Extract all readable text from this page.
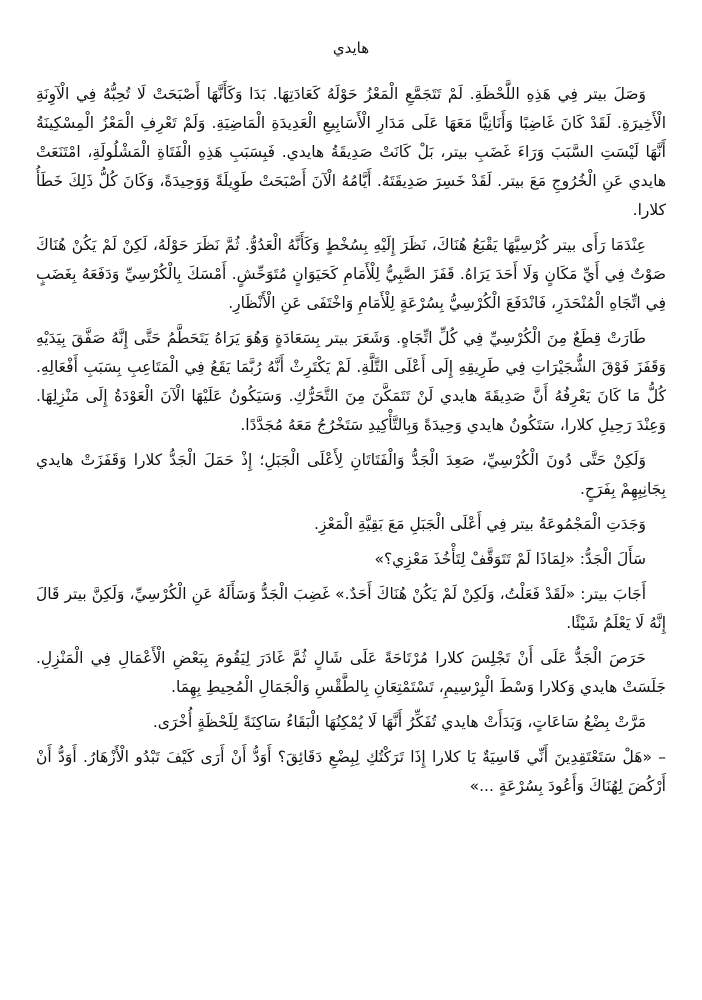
هايدي

وَصَلَ بيتر فِي هَذِهِ اللَّحْظَةِ. لَمْ تَتَجَمَّعِ الْمَعْزُ حَوْلَهُ كَعَادَتِهَا. بَدَا وَكَأَنَّهَا أَصْبَحَتْ لَا تُحِبُّهُ فِي الْآوِنَةِ الْأَخِيرَةِ. لَقَدْ كَانَ غَاضِبًا وَأَنَانِيًّا مَعَهَا عَلَى مَدَارِ الْأَسَابِيعِ الْعَدِيدَةِ الْمَاضِيَةِ. وَلَمْ تَعْرِفِ الْمَعْزُ الْمِسْكِينَةُ أَنَّهَا لَيْسَتِ السَّبَبَ وَرَاءَ غَضَبِ بيتر، بَلْ كَانَتْ صَدِيقَةُ هايدي. فَبِسَبَبِ هَذِهِ الْفَتَاةِ الْمَشْلُولَةِ، امْتَنَعَتْ هايدي عَنِ الْخُرُوجِ مَعَ بيتر. لَقَدْ خَسِرَ صَدِيقَتَهُ. أَيَّامُهُ الْآنَ أَصْبَحَتْ طَوِيلَةً وَوَحِيدَةً، وَكَانَ كُلُّ ذَلِكَ خَطَأُ كلارا.

عِنْدَمَا رَأَى بيتر كُرْسِيَّهَا يَقْبَعُ هُنَاكَ، نَظَرَ إِلَيْهِ بِسُخْطٍ وَكَأَنَّهُ الْعَدُوُّ. ثُمَّ نَظَرَ حَوْلَهُ، لَكِنْ لَمْ يَكُنْ هُنَاكَ صَوْتٌ فِي أَيِّ مَكَانٍ وَلَا أَحَدَ يَرَاهُ. قَفَزَ الصَّبِيُّ لِلْأَمَامِ كَحَيَوَانٍ مُتَوَحِّشٍ. أَمْسَكَ بِالْكُرْسِيِّ وَدَفَعَهُ بِغَضَبٍ فِي اتِّجَاهِ الْمُنْحَدَرِ، فَانْدَفَعَ الْكُرْسِيُّ بِسُرْعَةٍ لِلْأَمَامِ وَاخْتَفَى عَنِ الْأَنْظَارِ.

طَارَتْ قِطَعٌ مِنَ الْكُرْسِيِّ فِي كُلِّ اتِّجَاهٍ. وَشَعَرَ بيتر بِسَعَادَةٍ وَهُوَ يَرَاهُ يَتَحَطَّمُ حَتَّى إِنَّهُ صَفَّقَ بِيَدَيْهِ وَقَفَزَ فَوْقَ الشُّجَيْرَاتِ فِي طَرِيقِهِ إِلَى أَعْلَى التَّلَّةِ. لَمْ يَكْتَرِثْ أَنَّهُ رُبَّمَا يَقَعُ فِي الْمَتَاعِبِ بِسَبَبِ أَفْعَالِهِ. كُلُّ مَا كَانَ يَعْرِفُهُ أَنَّ صَدِيقَةَ هايدي لَنْ تَتَمَكَّنَ مِنَ التَّحَرُّكِ. وَسَيَكُونُ عَلَيْهَا الْآنَ الْعَوْدَةُ إِلَى مَنْزِلِهَا. وَعِنْدَ رَحِيلِ كلارا، سَتَكُونُ هايدي وَحِيدَةً وَبِالتَّأْكِيدِ سَتَخْرُجُ مَعَهُ مُجَدَّدًا.

وَلَكِنْ حَتَّى دُونَ الْكُرْسِيِّ، صَعِدَ الْجَدُّ وَالْفَتَاتَانِ لِأَعْلَى الْجَبَلِ؛ إِذْ حَمَلَ الْجَدُّ كلارا وَقَفَزَتْ هايدي بِجَانِبِهِمْ بِفَرَحٍ.

وَجَدَتِ الْمَجْمُوعَةُ بيتر فِي أَعْلَى الْجَبَلِ مَعَ بَقِيَّةِ الْمَعْزِ.

سَأَلَ الْجَدُّ: «لِمَاذَا لَمْ تَتَوَقَّفْ لِتَأْخُذَ مَعْزِي؟»

أَجَابَ بيتر: «لَقَدْ فَعَلْتُ، وَلَكِنْ لَمْ يَكُنْ هُنَاكَ أَحَدٌ.» غَضِبَ الْجَدُّ وَسَأَلَهُ عَنِ الْكُرْسِيِّ، وَلَكِنَّ بيتر قَالَ إِنَّهُ لَا يَعْلَمُ شَيْئًا.

حَرَصَ الْجَدُّ عَلَى أَنْ تَجْلِسَ كلارا مُرْتَاحَةً عَلَى شَالٍ ثُمَّ غَادَرَ لِيَقُومَ بِبَعْضِ الْأَعْمَالِ فِي الْمَنْزِلِ. جَلَسَتْ هايدي وَكلارا وَسْطَ الْبِرْسِيمِ، تَسْتَمْتِعَانِ بِالطَّقْسِ وَالْجَمَالِ الْمُحِيطِ بِهِمَا.

مَرَّتْ بِضْعُ سَاعَاتٍ، وَبَدَأَتْ هايدي تُفَكِّرُ أَنَّهَا لَا يُمْكِنُهَا الْبَقَاءُ سَاكِنَةً لِلَحْظَةٍ أُخْرَى.

– «هَلْ سَتَعْتَقِدِينَ أَنِّي قَاسِيَةٌ يَا كلارا إِذَا تَرَكْتُكِ لِبِضْعِ دَقَائِقَ؟ أَوَدُّ أَنْ أَرَى كَيْفَ تَبْدُو الْأَزْهَارُ. أَوَدُّ أَنْ أَرْكُضَ لِهُنَاكَ وَأَعُودَ بِسُرْعَةٍ ...»
